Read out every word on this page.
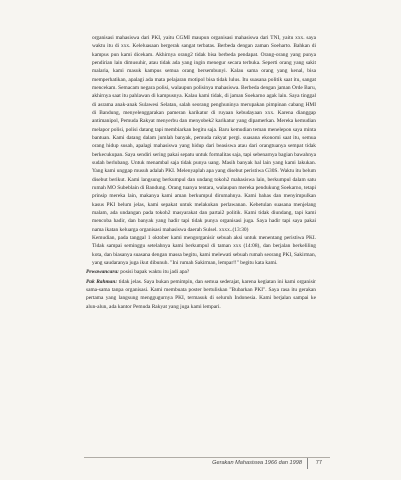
organisasi mahasiswa dari PKI, yaitu CGMI maupun organisasi mahasiswa dari TNI, yaitu xxx. saya waktu itu di xxx. Keleluasaan bergerak sangat terbatas. Berbeda dengan zaman Soeharto. Bahkan di kampus pun kami dicekam. Akhirnya orang2 tidak bisa berbeda pendapat. Orang-orang yang punya pendirian lain dimusuhir, atau tidak ada yang ingin menegur secara terbuka. Seperti orang yang sakit malaria, kami masuk kampus semua orang bersembunyi. Kalau sama orang yang kenal, bisa memperhatikan, apalagi ada mata pelajaran motipol bisa tidak lulus. Itu suasana politik saat itu, sangat mencekam. Semacam negara polisi, walaupun polisinya mahasiswa. Berbeda dengan jaman Orde Baru, akhirnya saat itu pahlawan di kampusnya. Kalau kami tidak, di jaman Soekarno agak lain. Saya tinggal di asrama anak-anak Sulawesi Selatan, salah seorang penghuninya merupakan pimpinan cabang HMI di Bandung, menyelenggarakan pameran karikatur di ruyaan kebudayaan xxx. Karena dianggap antimanipol, Pemuda Rakyat menyerbu dan menyobek2 karikatur yang dipamerkan. Mereka kemudian melapor polisi, polisi datang tapi membiarkan begitu saja. Baru kemudian teman menelepon saya minta bantuan. Kami datang dalam jumlah banyak, pemuda rakyat pergi. suasana ekonomi saat itu, semua orang hidup susah, apalagi mahasiswa yang hidup dari beasiswa atau dari orangtuanya sempat tidak berkecukupan. Saya sendiri sering pakai sepatu untuk formalitas saja, tapi sebenarnya bagian bawahnya sudah berlubang. Untuk menambal saja tidak punya uang. Masih banyak hal lain yang kami lakukan. Yang kami unggap musuh adalah PKI. Melenyaplah apa yang disebut peristiwa G30S. Waktu itu belum disebut berikut. Kami langsung berkumpul dan undang tokoh2 mahasiswa lain, berkumpul dalam satu rumah MO Subeblain di Bandung. Orang tuanya tentara, walaupun mereka pendukung Soekarno, tetapi prinsip mereka lain, makanya kami aman berkumpul dirumahnya. Kami bahas dan menyimpulkan kasus PKI belum jelas, kami sepakat untuk melakukan perlawanan. Kebetulan suasana menjelang malam, ada undangan pada tokoh2 masyarakat dan partai2 politik. Kami tidak diundang, tapi kami mencoba hadir, dan banyak yang hadir tapi tidak punya organisasi juga. Saya hadir tapi saya pakai nama ikatan keluarga organisasi mahasiswa daerah Sulsel. xxxx..(13:30)

Kemudian, pada tanggal 1 oktober kami mengorganisir sebuah aksi untuk menentang peristiwa PKI. Tidak sampai seminggu setelahnya kami berkumpul di taman xxx (14:08), dan berjalan berkeliling kota, dan biasanya suasana dengan massa begitu, kami melewati sebuah rumah seorang PKI, Sakirman, yang saudaranya juga ikut dibunuh. "Ini rumah Sakirman, lempar!!" begitu kata kami.

Pewawancara: posisi bapak waktu itu jadi apa?

Pak Rahman: tidak jelas. Saya bukan pemimpin, dan semua sederajat, karena kegiatan ini kami organisir sama-sama tanpa organisasi. Kami membuata poster bertuliskan "Bubarkan PKI". Saya rasa itu gerakan pertama yang langsung menggugurnya PKI, termasuk di seluruh Indonesia. Kami berjalan sampai ke alun-alun, ada kantor Pemuda Rakyat yang juga kami lempari.

Gerakan Mahasiswa 1966 dan 1998 77
